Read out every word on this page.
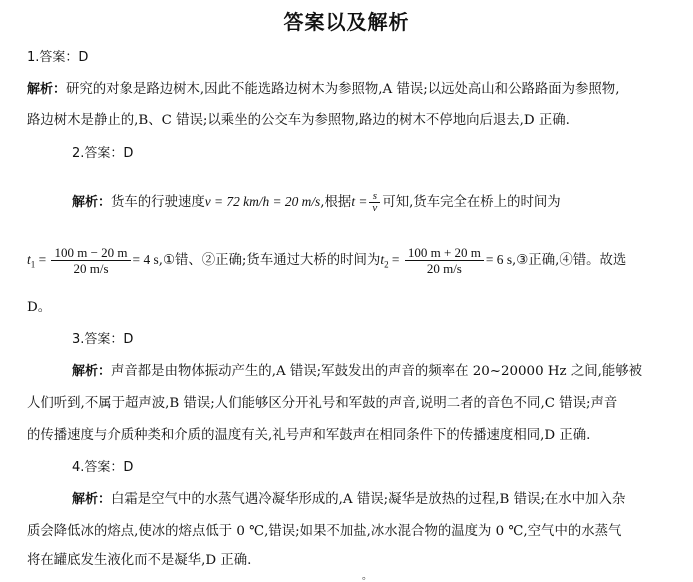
答案以及解析
1.答案：D
解析：研究的对象是路边树木,因此不能选路边树木为参照物,A 错误;以远处高山和公路路面为参照物,
路边树木是静止的,B、C 错误;以乘坐的公交车为参照物,路边的树木不停地向后退去,D 正确.
2.答案：D
解析：货车的行驶速度v = 72 km/h = 20 m/s,根据$t = \frac{s}{v}$ 可知,货车完全在桥上的时间为
$t_1 = \frac{100 m - 20 m}{20 m/s} = 4$ s,①错、②正确;货车通过大桥的时间为$t_2 = \frac{100 m + 20 m}{20 m/s} = 6$ s,③正确,④错。故选
D。
3.答案：D
解析：声音都是由物体振动产生的,A 错误;军鼓发出的声音的频率在 20~20000 Hz 之间,能够被
人们听到,不属于超声波,B 错误;人们能够区分开礼号和军鼓的声音,说明二者的音色不同,C 错误;声音
的传播速度与介质种类和介质的温度有关,礼号声和军鼓声在相同条件下的传播速度相同,D 正确.
4.答案：D
解析：白霜是空气中的水蒸气遇冷凝华形成的,A 错误;凝华是放热的过程,B 错误;在水中加入杂
质会降低冰的熔点,使冰的熔点低于 0 ℃,错误;如果不加盐,冰水混合物的温度为 0 ℃,空气中的水蒸气
将在罐底发生液化而不是凝华,D 正确.
。
